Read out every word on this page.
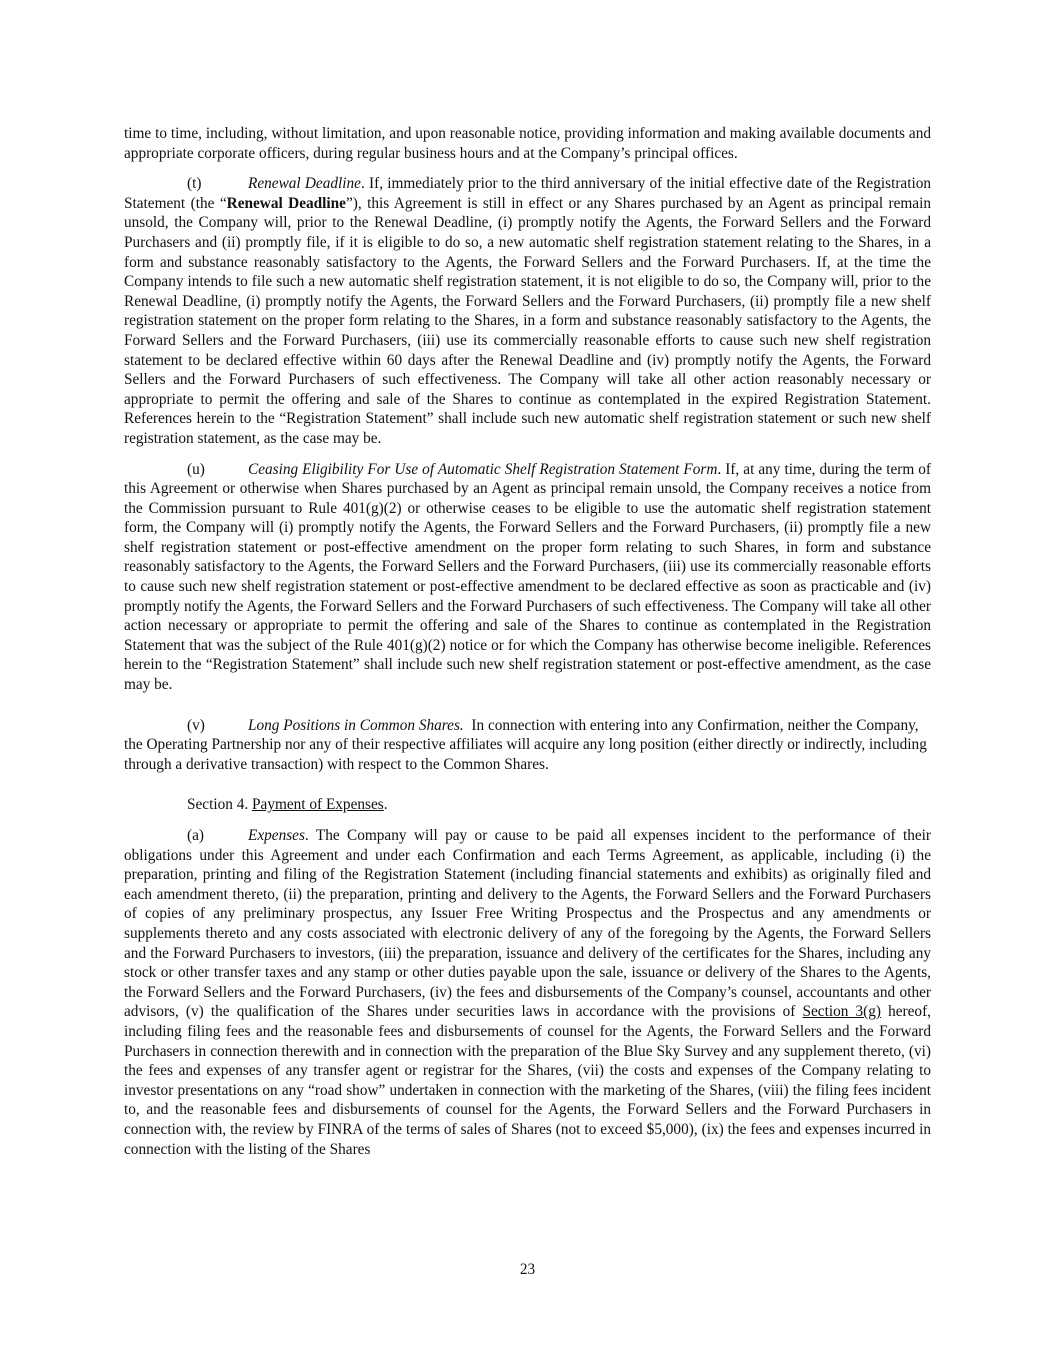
time to time, including, without limitation, and upon reasonable notice, providing information and making available documents and appropriate corporate officers, during regular business hours and at the Company’s principal offices.

(t)	Renewal Deadline. If, immediately prior to the third anniversary of the initial effective date of the Registration Statement (the “Renewal Deadline”), this Agreement is still in effect or any Shares purchased by an Agent as principal remain unsold, the Company will, prior to the Renewal Deadline, (i) promptly notify the Agents, the Forward Sellers and the Forward Purchasers and (ii) promptly file, if it is eligible to do so, a new automatic shelf registration statement relating to the Shares, in a form and substance reasonably satisfactory to the Agents, the Forward Sellers and the Forward Purchasers. If, at the time the Company intends to file such a new automatic shelf registration statement, it is not eligible to do so, the Company will, prior to the Renewal Deadline, (i) promptly notify the Agents, the Forward Sellers and the Forward Purchasers, (ii) promptly file a new shelf registration statement on the proper form relating to the Shares, in a form and substance reasonably satisfactory to the Agents, the Forward Sellers and the Forward Purchasers, (iii) use its commercially reasonable efforts to cause such new shelf registration statement to be declared effective within 60 days after the Renewal Deadline and (iv) promptly notify the Agents, the Forward Sellers and the Forward Purchasers of such effectiveness. The Company will take all other action reasonably necessary or appropriate to permit the offering and sale of the Shares to continue as contemplated in the expired Registration Statement. References herein to the “Registration Statement” shall include such new automatic shelf registration statement or such new shelf registration statement, as the case may be.

(u)	Ceasing Eligibility For Use of Automatic Shelf Registration Statement Form. If, at any time, during the term of this Agreement or otherwise when Shares purchased by an Agent as principal remain unsold, the Company receives a notice from the Commission pursuant to Rule 401(g)(2) or otherwise ceases to be eligible to use the automatic shelf registration statement form, the Company will (i) promptly notify the Agents, the Forward Sellers and the Forward Purchasers, (ii) promptly file a new shelf registration statement or post-effective amendment on the proper form relating to such Shares, in form and substance reasonably satisfactory to the Agents, the Forward Sellers and the Forward Purchasers, (iii) use its commercially reasonable efforts to cause such new shelf registration statement or post-effective amendment to be declared effective as soon as practicable and (iv) promptly notify the Agents, the Forward Sellers and the Forward Purchasers of such effectiveness. The Company will take all other action necessary or appropriate to permit the offering and sale of the Shares to continue as contemplated in the Registration Statement that was the subject of the Rule 401(g)(2) notice or for which the Company has otherwise become ineligible. References herein to the “Registration Statement” shall include such new shelf registration statement or post-effective amendment, as the case may be.

(v)	Long Positions in Common Shares. In connection with entering into any Confirmation, neither the Company, the Operating Partnership nor any of their respective affiliates will acquire any long position (either directly or indirectly, including through a derivative transaction) with respect to the Common Shares.

Section 4. Payment of Expenses.

(a)	Expenses. The Company will pay or cause to be paid all expenses incident to the performance of their obligations under this Agreement and under each Confirmation and each Terms Agreement, as applicable, including (i) the preparation, printing and filing of the Registration Statement (including financial statements and exhibits) as originally filed and each amendment thereto, (ii) the preparation, printing and delivery to the Agents, the Forward Sellers and the Forward Purchasers of copies of any preliminary prospectus, any Issuer Free Writing Prospectus and the Prospectus and any amendments or supplements thereto and any costs associated with electronic delivery of any of the foregoing by the Agents, the Forward Sellers and the Forward Purchasers to investors, (iii) the preparation, issuance and delivery of the certificates for the Shares, including any stock or other transfer taxes and any stamp or other duties payable upon the sale, issuance or delivery of the Shares to the Agents, the Forward Sellers and the Forward Purchasers, (iv) the fees and disbursements of the Company’s counsel, accountants and other advisors, (v) the qualification of the Shares under securities laws in accordance with the provisions of Section 3(g) hereof, including filing fees and the reasonable fees and disbursements of counsel for the Agents, the Forward Sellers and the Forward Purchasers in connection therewith and in connection with the preparation of the Blue Sky Survey and any supplement thereto, (vi) the fees and expenses of any transfer agent or registrar for the Shares, (vii) the costs and expenses of the Company relating to investor presentations on any “road show” undertaken in connection with the marketing of the Shares, (viii) the filing fees incident to, and the reasonable fees and disbursements of counsel for the Agents, the Forward Sellers and the Forward Purchasers in connection with, the review by FINRA of the terms of sales of Shares (not to exceed $5,000), (ix) the fees and expenses incurred in connection with the listing of the Shares

23
